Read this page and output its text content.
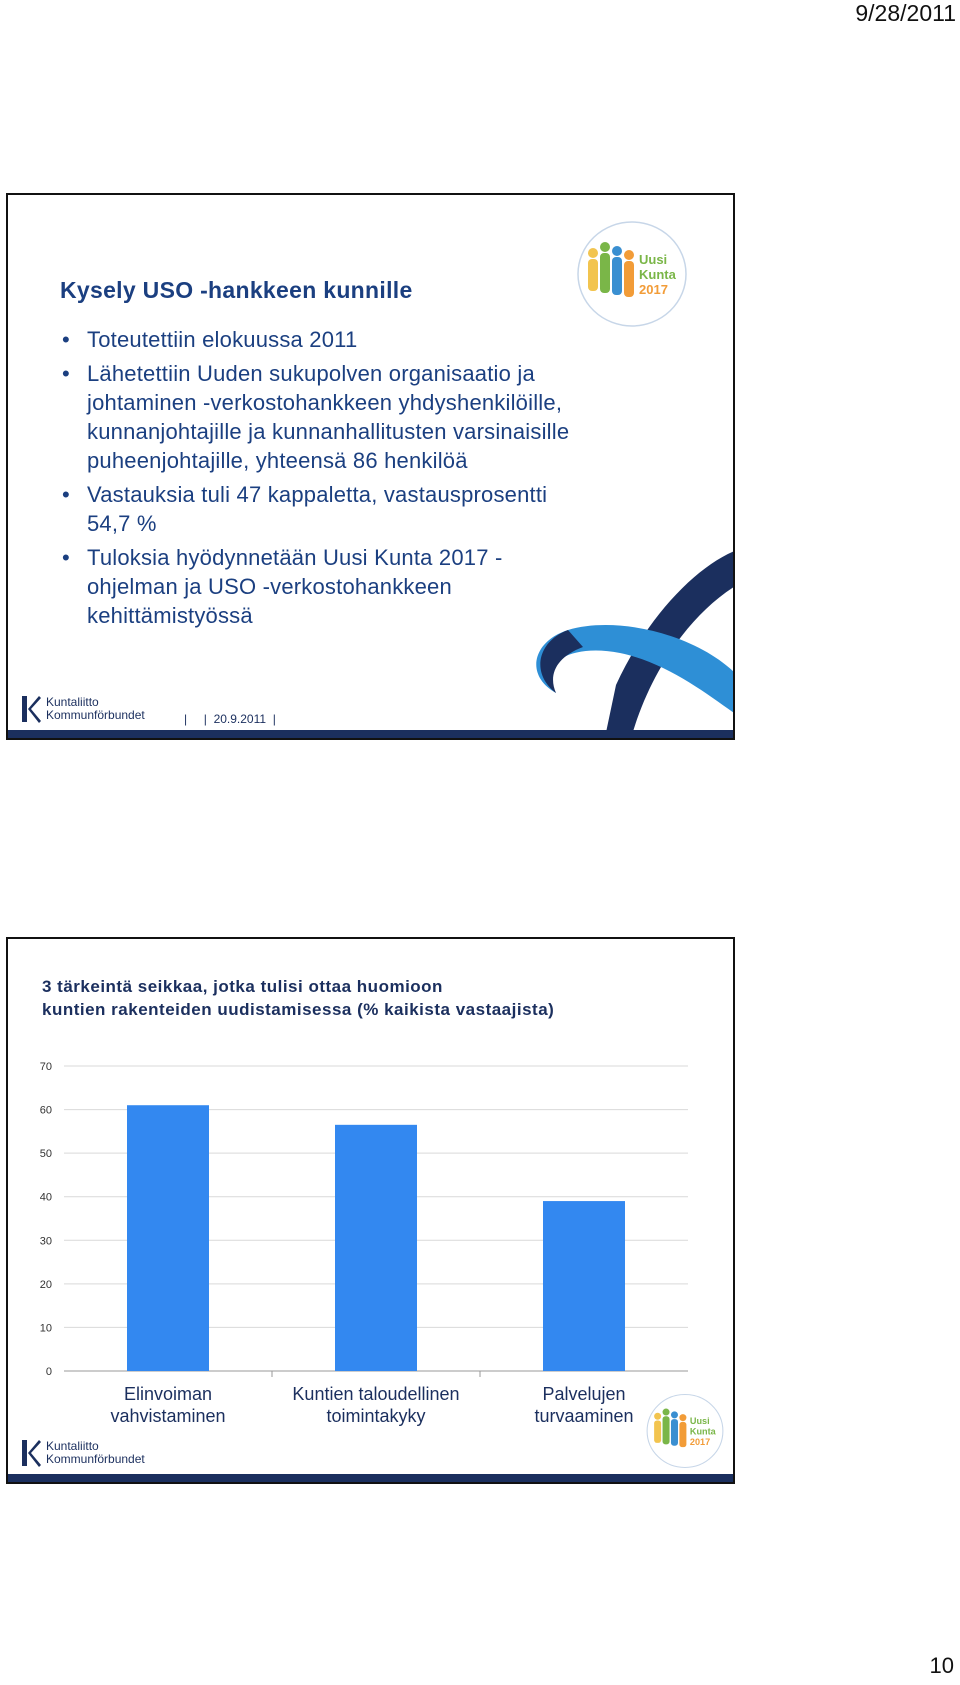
9/28/2011
Uusi
Kunta
2017
Kysely USO -hankkeen kunnille
• Toteutettiin elokuussa 2011
• Lähetettiin Uuden sukupolven organisaatio ja
johtaminen -verkostohankkeen yhdyshenkilöille,
kunnanjohtajille ja kunnanhallitusten varsinaisille
puheenjohtajille, yhteensä 86 henkilöä
• Vastauksia tuli 47 kappaletta, vastausprosentti
54,7 %
• Tuloksia hyödynnetään Uusi Kunta 2017 -
ohjelman ja USO -verkostohankkeen
kehittämistyössä
Kuntaliitto
Kommunförbundet	|     |  20.9.2011  |
3 tärkeintä seikkaa, jotka tulisi ottaa huomioon
kuntien rakenteiden uudistamisessa (% kaikista vastaajista)
0
10
20
30
40
50
60
70
Elinvoiman
vahvistaminen
Kuntien taloudellinen
toimintakyky
Palvelujen
turvaaminen	Uusi
Kunta
2017
Kuntaliitto
Kommunförbundet
10
